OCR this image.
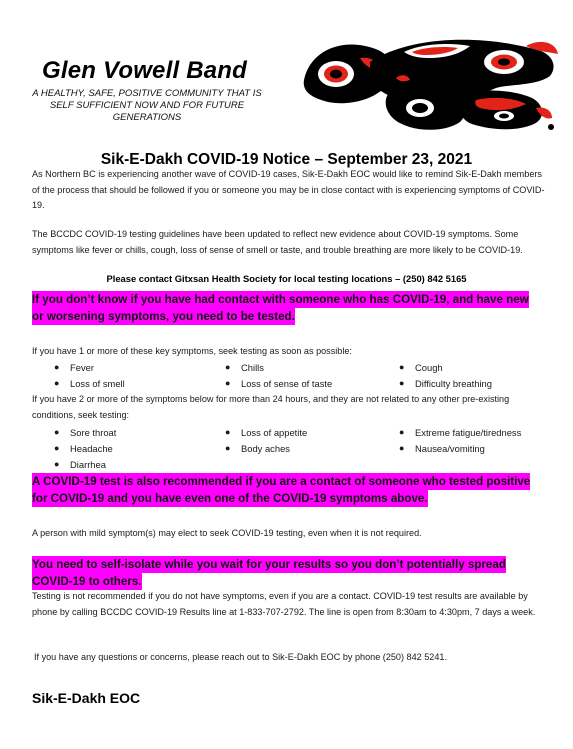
Glen Vowell Band
A HEALTHY, SAFE, POSITIVE COMMUNITY THAT IS SELF SUFFICIENT NOW AND FOR FUTURE GENERATIONS
Sik-E-Dakh COVID-19 Notice – September 23, 2021
As Northern BC is experiencing another wave of COVID-19 cases, Sik-E-Dakh EOC would like to remind Sik-E-Dakh members of the process that should be followed if you or someone you may be in close contact with is experiencing symptoms of COVID-19.
The BCCDC COVID-19 testing guidelines have been updated to reflect new evidence about COVID-19 symptoms. Some symptoms like fever or chills, cough, loss of sense of smell or taste, and trouble breathing are more likely to be COVID-19.
Please contact Gitxsan Health Society for local testing locations – (250) 842 5165
If you don’t know if you have had contact with someone who has COVID-19, and have new or worsening symptoms, you need to be tested.
If you have 1 or more of these key symptoms, seek testing as soon as possible:
● Fever	● Chills	● Cough
● Loss of smell	● Loss of sense of taste	● Difficulty breathing
If you have 2 or more of the symptoms below for more than 24 hours, and they are not related to any other pre-existing conditions, seek testing:
● Sore throat	● Loss of appetite	● Extreme fatigue/tiredness
● Headache	● Body aches	● Nausea/vomiting
● Diarrhea
A COVID-19 test is also recommended if you are a contact of someone who tested positive for COVID-19 and you have even one of the COVID-19 symptoms above.
A person with mild symptom(s) may elect to seek COVID-19 testing, even when it is not required.
You need to self-isolate while you wait for your results so you don’t potentially spread COVID-19 to others.
Testing is not recommended if you do not have symptoms, even if you are a contact. COVID-19 test results are available by phone by calling BCCDC COVID-19 Results line at 1-833-707-2792. The line is open from 8:30am to 4:30pm, 7 days a week.
If you have any questions or concerns, please reach out to Sik-E-Dakh EOC by phone (250) 842 5241.
Sik-E-Dakh EOC
